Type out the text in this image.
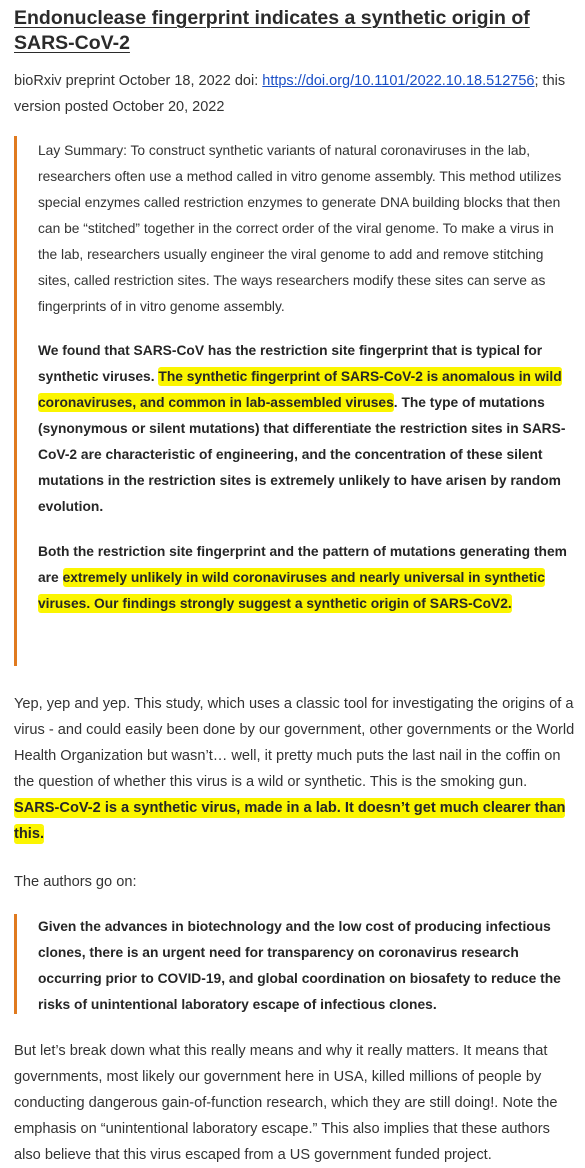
Endonuclease fingerprint indicates a synthetic origin of SARS-CoV-2
bioRxiv preprint October 18, 2022 doi: https://doi.org/10.1101/2022.10.18.512756; this version posted October 20, 2022

Lay Summary: To construct synthetic variants of natural coronaviruses in the lab, researchers often use a method called in vitro genome assembly. This method utilizes special enzymes called restriction enzymes to generate DNA building blocks that then can be “stitched” together in the correct order of the viral genome. To make a virus in the lab, researchers usually engineer the viral genome to add and remove stitching sites, called restriction sites. The ways researchers modify these sites can serve as fingerprints of in vitro genome assembly.

We found that SARS-CoV has the restriction site fingerprint that is typical for synthetic viruses. The synthetic fingerprint of SARS-CoV-2 is anomalous in wild coronaviruses, and common in lab-assembled viruses. The type of mutations (synonymous or silent mutations) that differentiate the restriction sites in SARS-CoV-2 are characteristic of engineering, and the concentration of these silent mutations in the restriction sites is extremely unlikely to have arisen by random evolution.

Both the restriction site fingerprint and the pattern of mutations generating them are extremely unlikely in wild coronaviruses and nearly universal in synthetic viruses. Our findings strongly suggest a synthetic origin of SARS-CoV2.

Yep, yep and yep. This study, which uses a classic tool for investigating the origins of a virus - and could easily been done by our government, other governments or the World Health Organization but wasn’t… well, it pretty much puts the last nail in the coffin on the question of whether this virus is a wild or synthetic. This is the smoking gun. SARS-CoV-2 is a synthetic virus, made in a lab. It doesn’t get much clearer than this.

The authors go on:

Given the advances in biotechnology and the low cost of producing infectious clones, there is an urgent need for transparency on coronavirus research occurring prior to COVID-19, and global coordination on biosafety to reduce the risks of unintentional laboratory escape of infectious clones.

But let’s break down what this really means and why it really matters. It means that governments, most likely our government here in USA, killed millions of people by conducting dangerous gain-of-function research, which they are still doing!. Note the emphasis on “unintentional laboratory escape.” This also implies that these authors also believe that this virus escaped from a US government funded project.
